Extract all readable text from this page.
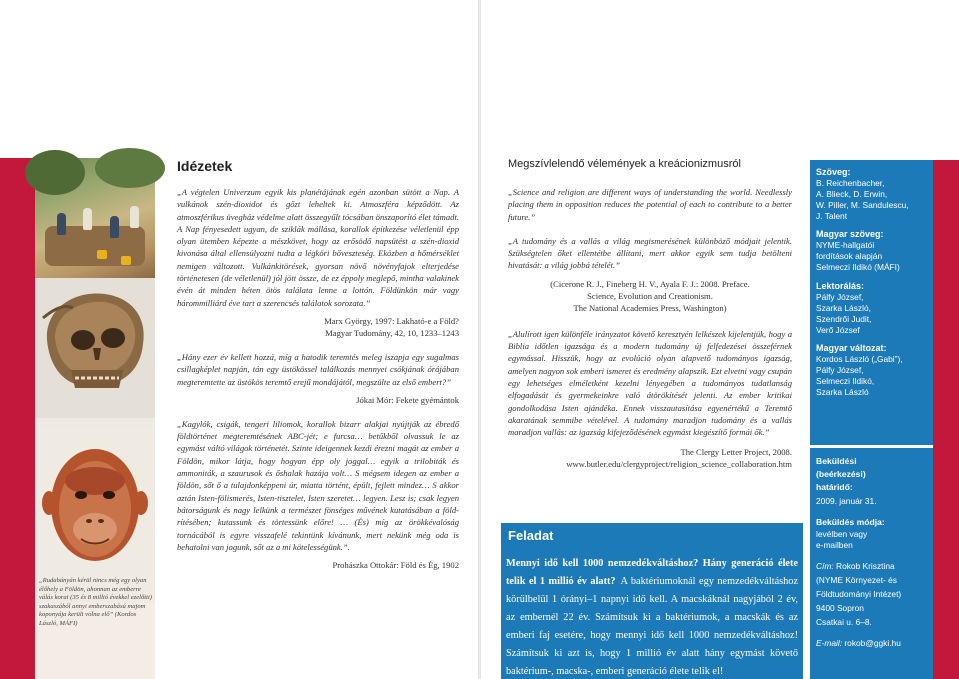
„Rudabányán kérül nincs még egy olyan élőhely a Földön, ahonnan az emberre válás korai (35 és 8 millió évekkel ezelőtti) szakaszából annyi emberszabású majom koponyája került volna elő” (Kordos László, MÁFI)
Idézetek

„A végtelen Univerzum egyik kis planétájának egén azonban sütött a Nap. A vulkánok szén-dioxidot és gőzt leheltek ki. Atmoszféra képződött. Az atmoszférikus üvegház védelme alatt összegyűlt tócsában önszaporító élet támadt. A Nap fényesedett ugyan, de sziklák mállása, korallok építkezése véletlenül épp olyan ütemben képezte a mészkövet, hogy az erősödő napsütést a szén-dioxid kivonása által ellensúlyozni tudta a légköri bőveszteség. Eközben a hőmérséklet nemigen változott. Vulkánkitörések, gyorsan növő növényfajok elterjedése történetesen (de véletlenül) jól jött össze, de ez éppoly meglepő, mintha valakinek évén át minden héten ötös találata lenne a lottón. Földünkön már vagy hárommilliárd éve tart a szerencsés találatok sorozata.”

Marx György, 1997: Lakható-e a Föld?
Magyar Tudomány, 42, 10, 1233–1243

„Hány ezer év kellett hozzá, míg a hatodik teremtés meleg iszapja egy sugalmas csillagképlet napján, tán egy üstökössel találkozás mennyei csókjának órájában megteremtette az üstökös teremtő erejű mondájától, megszülte az első embert?”

Jókai Mór: Fekete gyémántok

„Kagylók, csigák, tengeri liliomok, korallok bizarr alakjai nyújtják az ébredő földtörténet megteremtésének ABC-jét; e furcsa… betűkből olvassuk le az egymást váltó világok történetét. Szinte ideigennek kezdi érezni magát az ember a Földön, mikor látja, hogy hogyan épp oly joggal… egyik a trilobiták és ammoniták, a szaurusok és őshalak hazája volt… S mégsem idegen az ember a földön, sőt ő a tulajdonképpeni úr, miatta történt, épült, fejlett mindez… S akkor aztán Isten-fölismerés, Isten-tisztelet, Isten szeretet… legyen. Lesz is; csak legyen bátorságunk és nagy lelkünk a természet fönséges művének kutatásában a föld-rítésében; kutassunk és törtessünk előre! … (És) míg az örökkévalóság tornácából is egyre visszafelé tekintünk kívánunk, mert nekünk még oda is behatolni van jogunk, sőt az a mi kötelességünk.”.

Prohászka Ottokár: Föld és Ég, 1902
Megszívlelendő vélemények a kreácionizmusról

„Science and religion are different ways of understanding the world. Needlessly placing them in opposition reduces the potential of each to contribute to a better future.”

„A tudomány és a vallás a világ megismerésének különböző módjait jelentik. Szükségtelen őket ellentétbe állítani, mert akkor egyik sem tudja betölteni hivatását: a világ jobbá tételét.”

(Cicerone R. J., Fineberg H. V., Ayala F. J.: 2008. Preface.
Science, Evolution and Creationism.
The National Academies Press, Washington)

„Alulírott igen különféle irányzatot követő keresztyén lelkészek kijelentjük, hogy a Biblia időtlen igazsága és a modern tudomány új felfedezései összeférnek egymással. Hisszük, hogy az evolúció olyan alapvető tudományos igazság, amelyen nagyon sok emberi ismeret és eredmény alapszik. Ezt elvetni vagy csupán egy lehetséges elméletként kezelni lényegében a tudományos tudatlanság elfogadását és gyermekeinkre való átörökítését jelenti. Az ember kritikai gondolkodása Isten ajándéka. Ennek visszautasítása egyenértékű a Teremtő akaratának semmibe vételével. A tudomány maradjon tudomány és a vallás maradjon vallás: az igazság kifejeződésének egymást kiegészítő formái ők.”

The Clergy Letter Project, 2008.
www.butler.edu/clergyproject/religion_science_collaboration.htm
Feladat

Mennyi idő kell 1000 nemzedékváltáshoz? Hány generáció élete telik el 1 millió év alatt? A baktériumoknál egy nemzedékváltáshoz körülbelül 1 órányi–1 napnyi idő kell. A macskáknál nagyjából 2 év, az embernél 22 év. Számítsuk ki a baktériumok, a macskák és az emberi faj esetére, hogy mennyi idő kell 1000 nemzedékváltáshoz! Számítsuk ki azt is, hogy 1 millió év alatt hány egymást követő baktérium-, macska-, emberi generáció élete telik el!

Szöveg:
B. Reichenbacher,
A. Blieck, D. Erwin,
W. Piller, M. Sandulescu,
J. Talent
Magyar szöveg:
NYME-hallgatói
fordítások alapján
Selmeczi Ildikó (MÁFI)
Lektorálás:
Pálfy József,
Szarka László,
Szendrői Judit,
Verő József
Magyar változat:
Kordos László („Gabi”),
Pálfy József,
Selmeczi Ildikó,
Szarka László
Beküldési
(beérkezési)
határidő:
2009. január 31.
Beküldés módja:
levélben vagy
e-mailben
Cím: Rokob Krisztina
(NYME Környezet- és
Földtudományi Intézet)
9400 Sopron
Csatkai u. 6–8.
E-mail: rokob@ggki.hu
